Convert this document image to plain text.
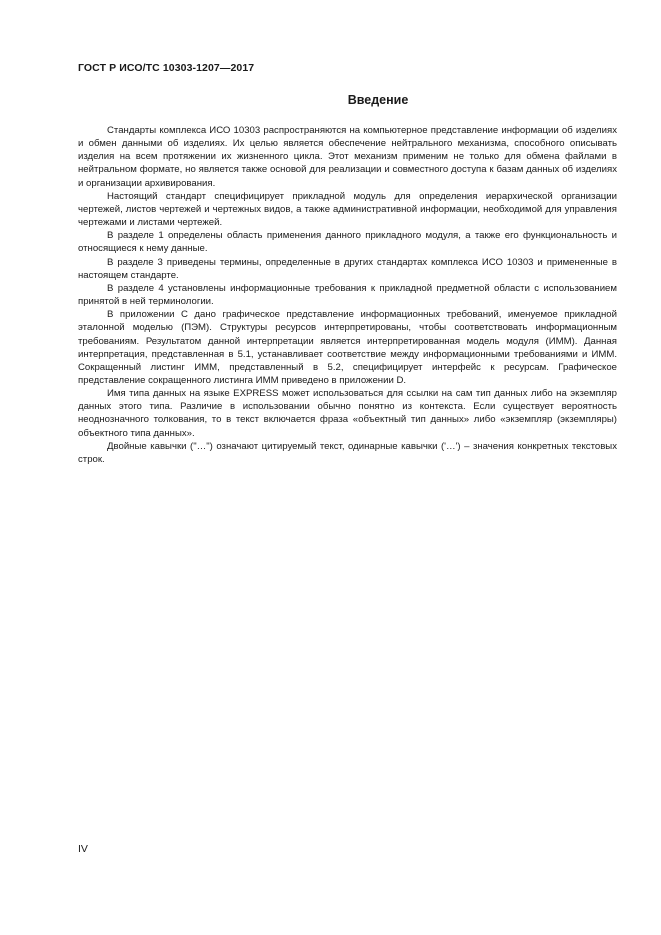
ГОСТ Р ИСО/ТС 10303-1207—2017
Введение

Стандарты комплекса ИСО 10303 распространяются на компьютерное представление информации об изделиях и обмен данными об изделиях. Их целью является обеспечение нейтрального механизма, способного описывать изделия на всем протяжении их жизненного цикла. Этот механизм применим не только для обмена файлами в нейтральном формате, но является также основой для реализации и совместного доступа к базам данных об изделиях и организации архивирования.

Настоящий стандарт специфицирует прикладной модуль для определения иерархической организации чертежей, листов чертежей и чертежных видов, а также административной информации, необходимой для управления чертежами и листами чертежей.

В разделе 1 определены область применения данного прикладного модуля, а также его функциональность и относящиеся к нему данные.

В разделе 3 приведены термины, определенные в других стандартах комплекса ИСО 10303 и примененные в настоящем стандарте.

В разделе 4 установлены информационные требования к прикладной предметной области с использованием принятой в ней терминологии.

В приложении С дано графическое представление информационных требований, именуемое прикладной эталонной моделью (ПЭМ). Структуры ресурсов интерпретированы, чтобы соответствовать информационным требованиям. Результатом данной интерпретации является интерпретированная модель модуля (ИММ). Данная интерпретация, представленная в 5.1, устанавливает соответствие между информационными требованиями и ИММ. Сокращенный листинг ИММ, представленный в 5.2, специфицирует интерфейс к ресурсам. Графическое представление сокращенного листинга ИММ приведено в приложении D.

Имя типа данных на языке EXPRESS может использоваться для ссылки на сам тип данных либо на экземпляр данных этого типа. Различие в использовании обычно понятно из контекста. Если существует вероятность неоднозначного толкования, то в текст включается фраза «объектный тип данных» либо «экземпляр (экземпляры) объектного типа данных».

Двойные кавычки ("…") означают цитируемый текст, одинарные кавычки ('…') – значения конкретных текстовых строк.

IV
